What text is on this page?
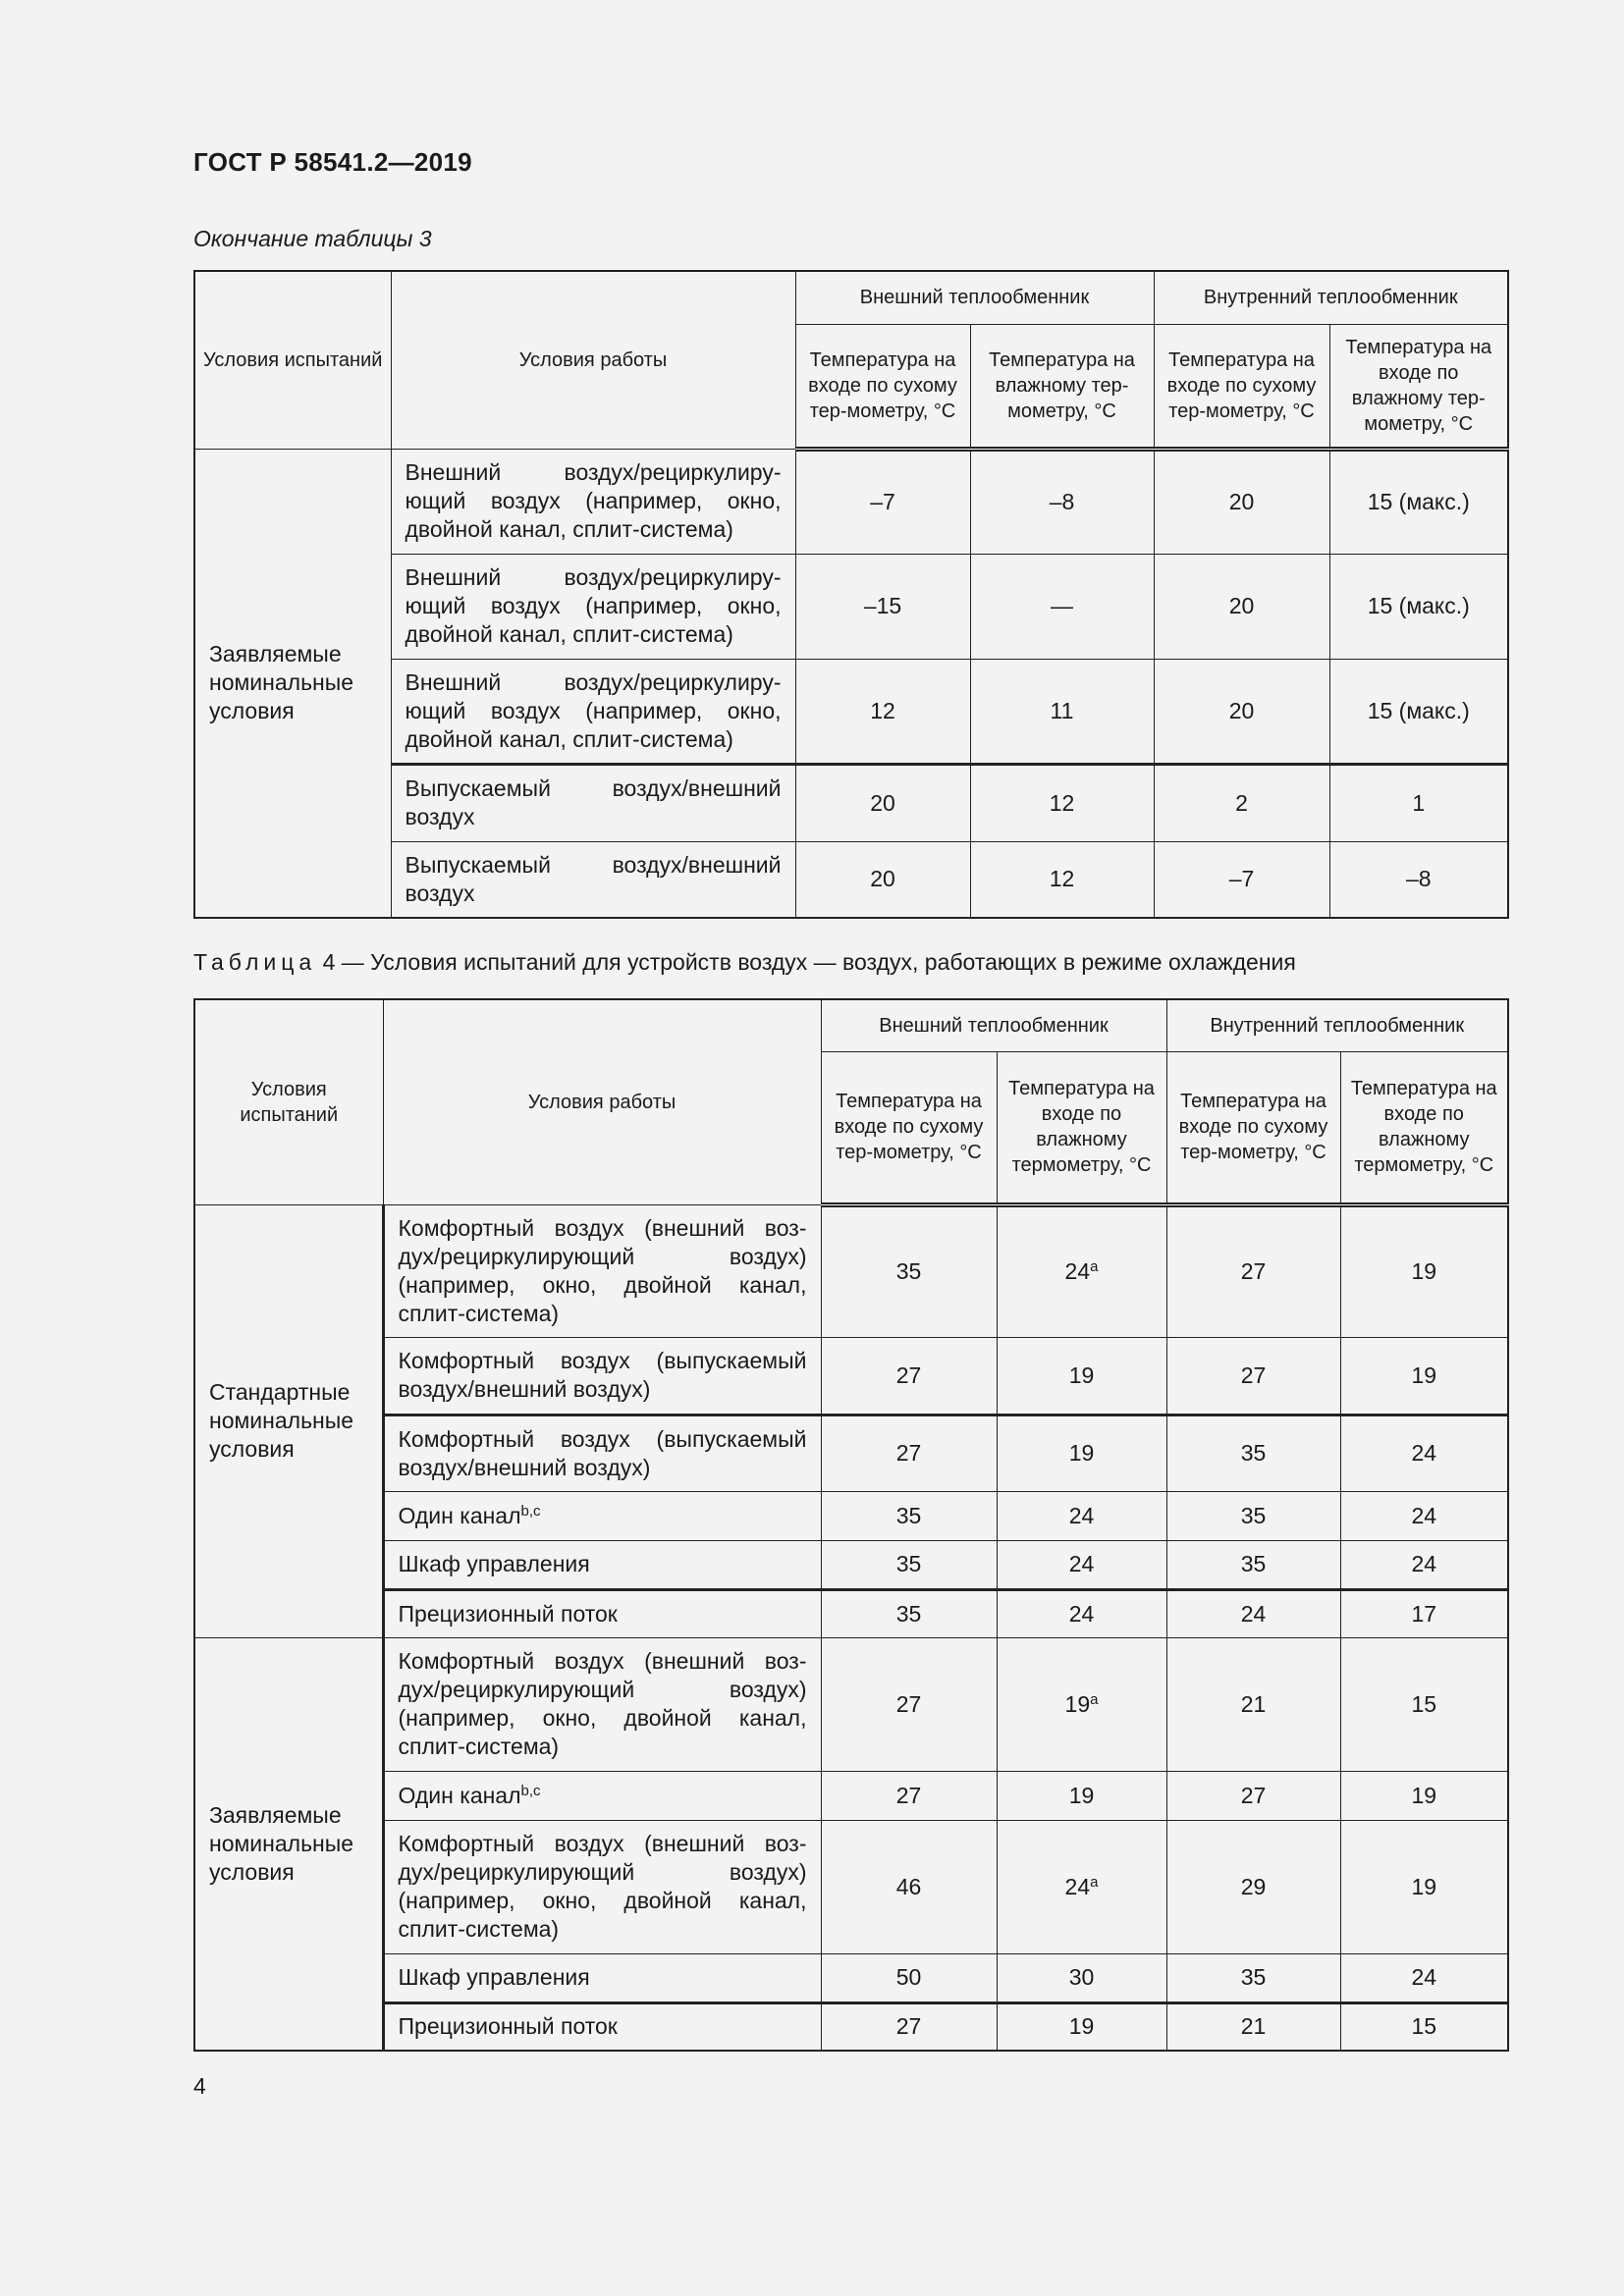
ГОСТ Р 58541.2—2019
Окончание таблицы 3
Условия испытаний	Условия работы	Внешний теплообменник		Внутренний теплообменник	
		Температура на входе по сухому тер-мометру, °C	Температура на влажному тер-мометру, °C	Температура на входе по сухому тер-мометру, °C	Температура на входе по влажному тер-мометру, °C
Заявляемые номинальные условия	Внешний воздух/рециркулиру-ющий воздух (например, окно, двойной канал, сплит-система)	–7	–8	20	15 (макс.)
	Внешний воздух/рециркулиру-ющий воздух (например, окно, двойной канал, сплит-система)	–15	—	20	15 (макс.)
	Внешний воздух/рециркулиру-ющий воздух (например, окно, двойной канал, сплит-система)	12	11	20	15 (макс.)
	Выпускаемый воздух/внешний воздух	20	12	2	1
	Выпускаемый воздух/внешний воздух	20	12	–7	–8
Таблица 4 — Условия испытаний для устройств воздух — воздух, работающих в режиме охлаждения
Условия испытаний	Условия работы	Внешний теплообменник		Внутренний теплообменник	
		Температура на входе по сухому тер-мометру, °C	Температура на входе по влажному термометру, °C	Температура на входе по сухому тер-мометру, °C	Температура на входе по влажному термометру, °C
Стандартные номинальные условия	Комфортный воздух (внешний воз-дух/рециркулирующий воздух) (например, окно, двойной канал, сплит-система)	35	24$^a$	27	19
	Комфортный воздух (выпускаемый воздух/внешний воздух)	27	19	27	19
	Комфортный воздух (выпускаемый воздух/внешний воздух)	27	19	35	24
	Один канал$^{b,c}$	35	24	35	24
	Шкаф управления	35	24	35	24
	Прецизионный поток	35	24	24	17
Заявляемые номинальные условия	Комфортный воздух (внешний воз-дух/рециркулирующий воздух) (например, окно, двойной канал, сплит-система)	27	19$^a$	21	15
	Один канал$^{b,c}$	27	19	27	19
	Комфортный воздух (внешний воз-дух/рециркулирующий воздух) (например, окно, двойной канал, сплит-система)	46	24$^a$	29	19
	Шкаф управления	50	30	35	24
	Прецизионный поток	27	19	21	15
4
